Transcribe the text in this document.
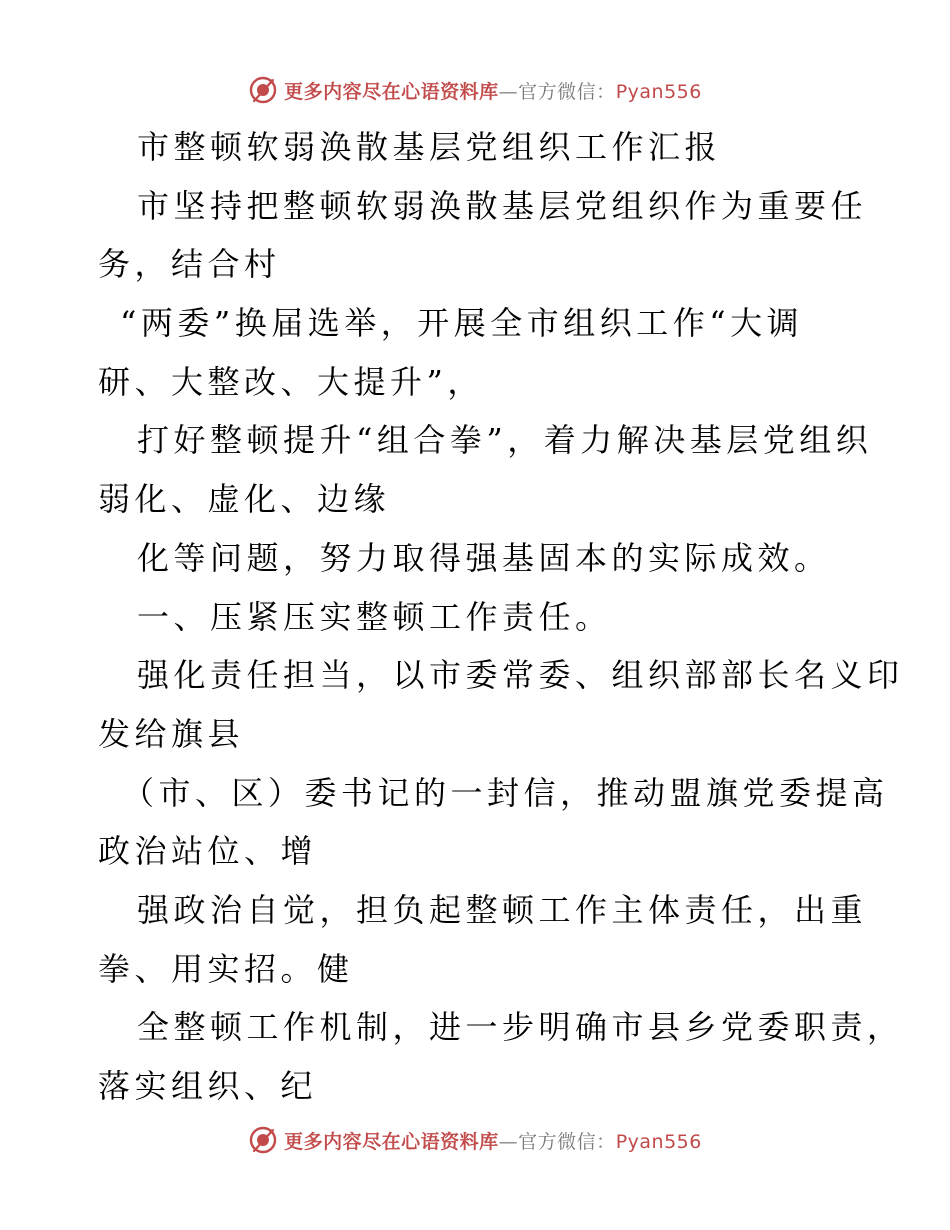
更多内容尽在心语资料库—官方微信：Pyan556
市整顿软弱涣散基层党组织工作汇报
市坚持把整顿软弱涣散基层党组织作为重要任
务，结合村
“两委”换届选举，开展全市组织工作“大调
研、大整改、大提升”，
打好整顿提升“组合拳”，着力解决基层党组织
弱化、虚化、边缘
化等问题，努力取得强基固本的实际成效。
一、压紧压实整顿工作责任。
强化责任担当，以市委常委、组织部部长名义印
发给旗县
（市、区）委书记的一封信，推动盟旗党委提高
政治站位、增
强政治自觉，担负起整顿工作主体责任，出重
拳、用实招。健
全整顿工作机制，进一步明确市县乡党委职责，
落实组织、纪
更多内容尽在心语资料库—官方微信：Pyan556
